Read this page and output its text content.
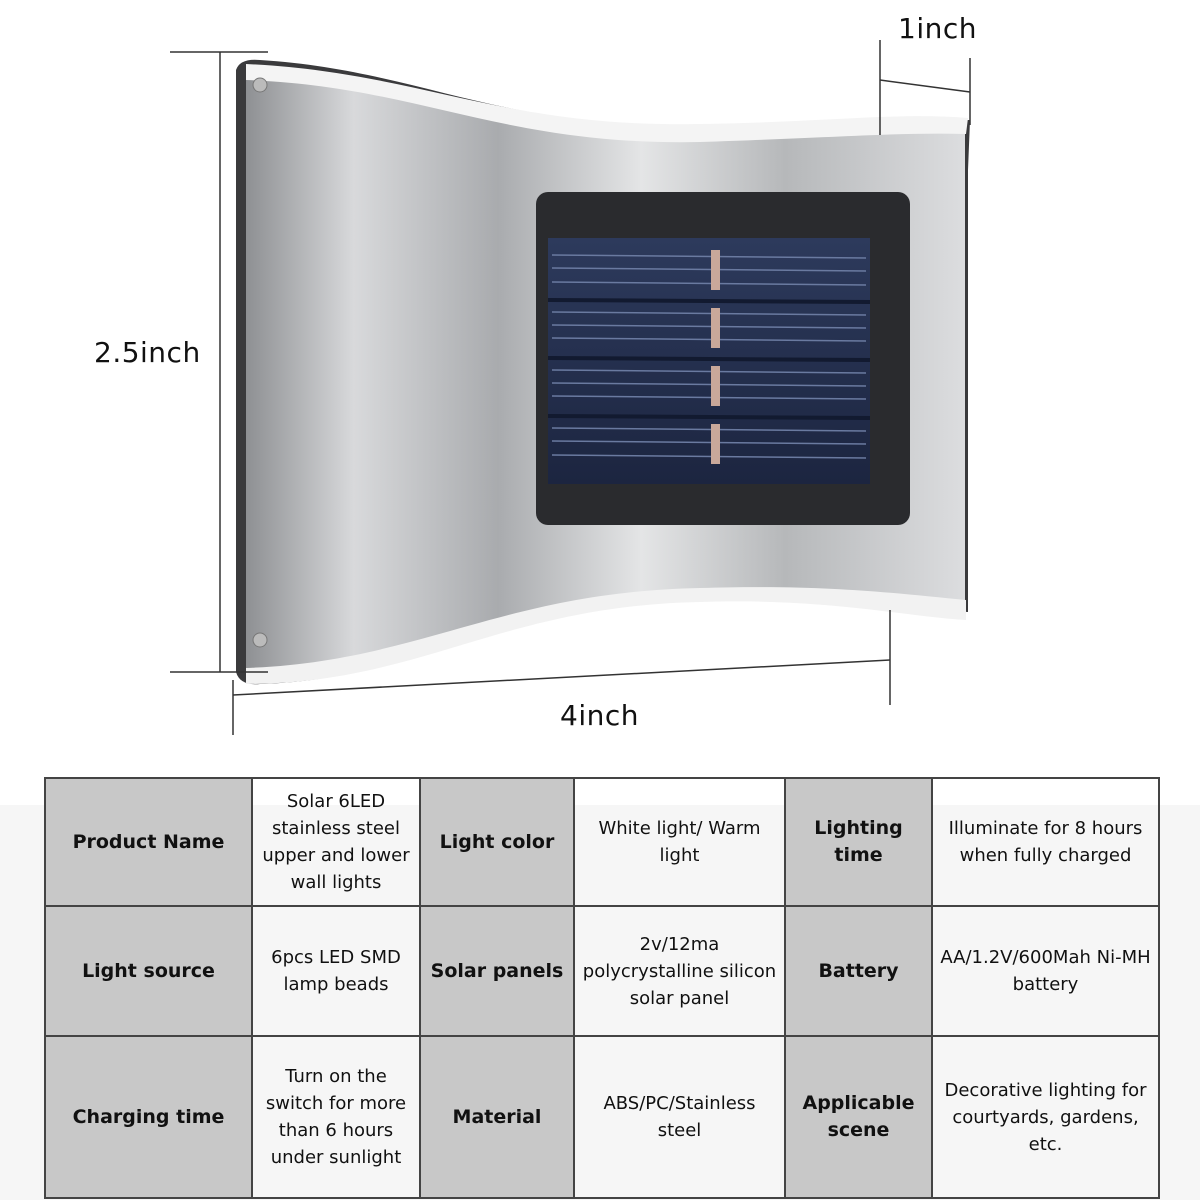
1inch
2.5inch
4inch
Product Name	Solar 6LED stainless steel upper and lower wall lights	Light color	White light/ Warm light	Lighting time	Illuminate for 8 hours when fully charged
Light source	6pcs LED SMD lamp beads	Solar panels	2v/12ma polycrystalline silicon solar panel	Battery	AA/1.2V/600Mah Ni-MH battery
Charging time	Turn on the switch for more than 6 hours under sunlight	Material	ABS/PC/Stainless steel	Applicable scene	Decorative lighting for courtyards, gardens, etc.
